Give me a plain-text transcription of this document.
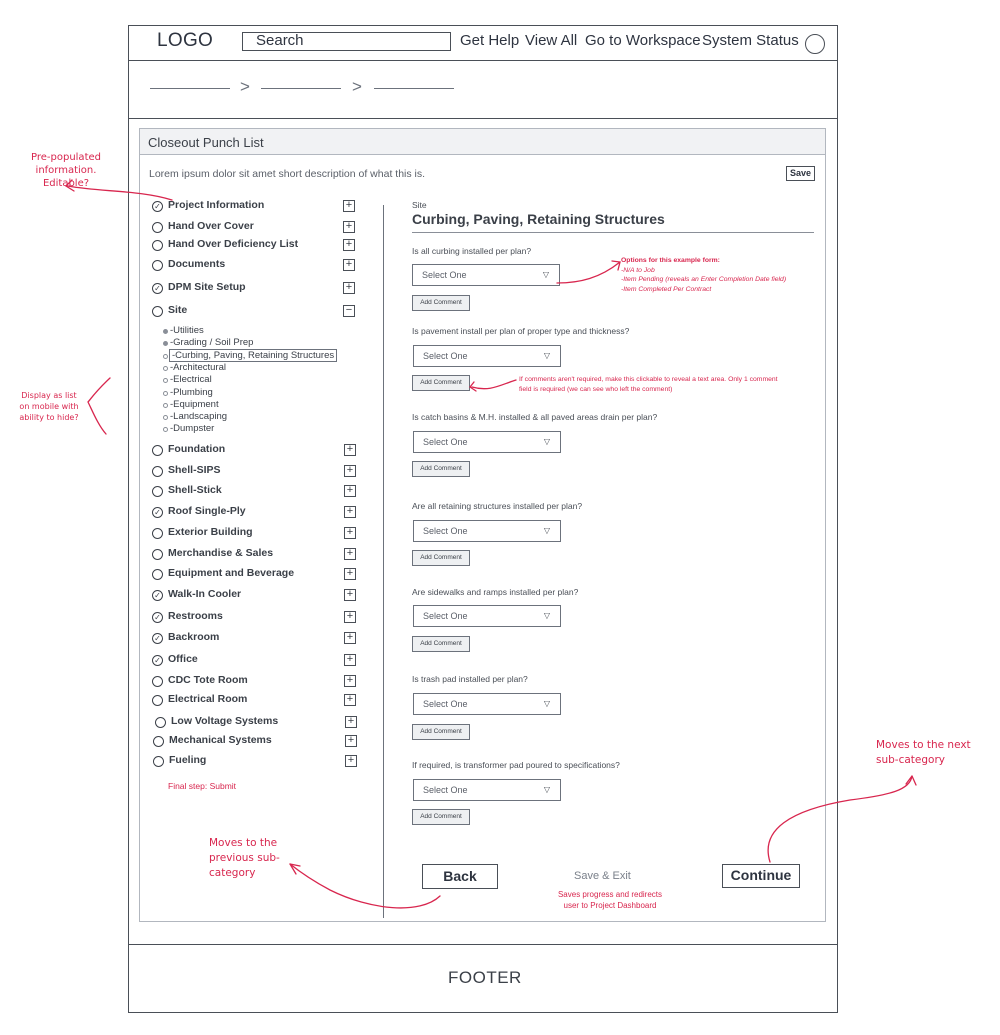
LOGO	Search	Get Help View All Go to Workspace System Status
>	>
Closeout Punch List
Lorem ipsum dolor sit amet short description of what this is.	Save
✓ Project Information	+
Hand Over Cover	+
Hand Over Deficiency List	+
Documents	+
✓ DPM Site Setup	+
Site	−
-Utilities
-Grading / Soil Prep
-Curbing, Paving, Retaining Structures
-Architectural
-Electrical
-Plumbing
-Equipment
-Landscaping
-Dumpster
Foundation	+
Shell-SIPS	+
Shell-Stick	+
✓ Roof Single-Ply	+
Exterior Building	+
Merchandise & Sales	+
Equipment and Beverage	+
✓ Walk-In Cooler	+
✓ Restrooms	+
✓ Backroom	+
✓ Office	+
CDC Tote Room	+
Electrical Room	+
Low Voltage Systems	+
Mechanical Systems	+
Fueling	+
Final step: Submit
Site
Curbing, Paving, Retaining Structures
Is all curbing installed per plan?
Select One	▽
Add Comment
Is pavement install per plan of proper type and thickness?
Select One	▽
Add Comment
Is catch basins & M.H. installed & all paved areas drain per plan?
Select One	▽
Add Comment
Are all retaining structures installed per plan?
Select One	▽
Add Comment
Are sidewalks and ramps installed per plan?
Select One	▽
Add Comment
Is trash pad installed per plan?
Select One	▽
Add Comment
If required, is transformer pad poured to specifications?
Select One	▽
Add Comment
Back	Save & Exit	Continue
FOOTER
Pre-populated
information.
Editable?
Display as list
on mobile with
ability to hide?
Options for this example form:
-N/A to Job
-Item Pending (reveals an Enter Completion Date field)
-Item Completed Per Contract
If comments aren't required, make this clickable to reveal a text area. Only 1 comment
field is required (we can see who left the comment)
Saves progress and redirects
user to Project Dashboard
Moves to the
previous sub-
category
Moves to the next
sub-category
